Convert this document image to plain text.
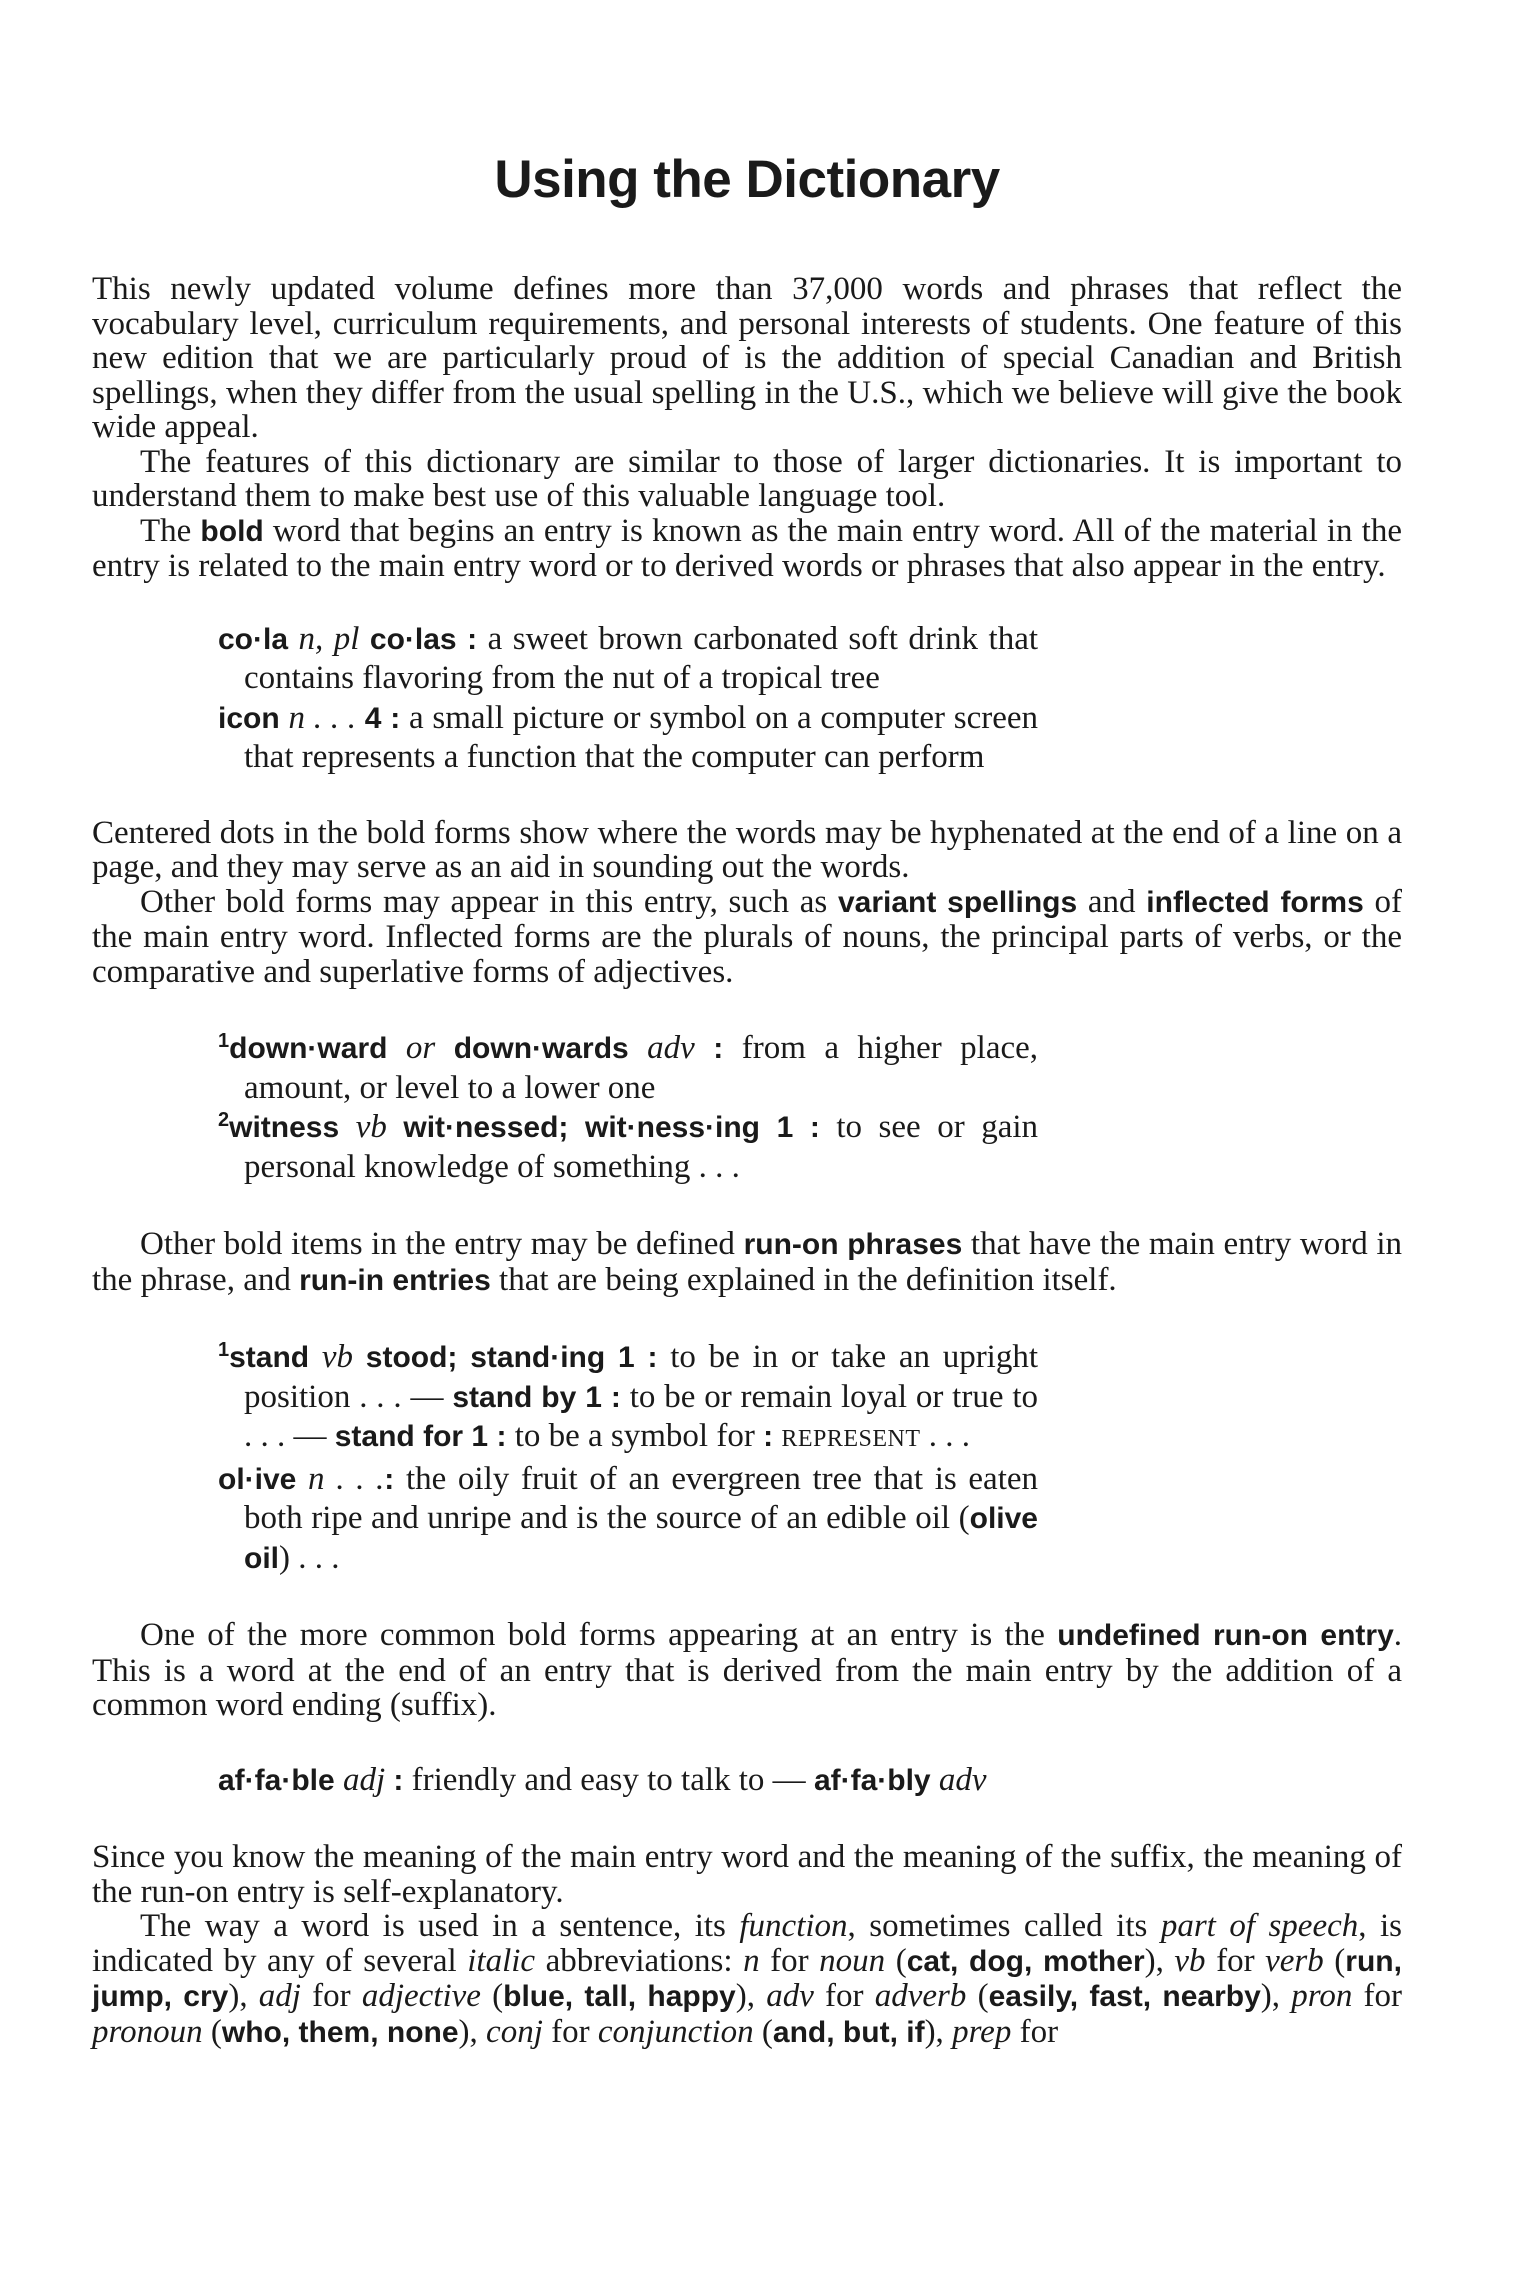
Using the Dictionary

This newly updated volume defines more than 37,000 words and phrases that reflect the vocabulary level, curriculum requirements, and personal interests of students. One feature of this new edition that we are particularly proud of is the addition of special Canadian and British spellings, when they differ from the usual spelling in the U.S., which we believe will give the book wide appeal.

The features of this dictionary are similar to those of larger dictionaries. It is important to understand them to make best use of this valuable language tool.

The bold word that begins an entry is known as the main entry word. All of the material in the entry is related to the main entry word or to derived words or phrases that also appear in the entry.

co·la n, pl co·las : a sweet brown carbonated soft drink that contains flavoring from the nut of a tropical tree
icon n . . . 4 : a small picture or symbol on a computer screen that represents a function that the computer can perform

Centered dots in the bold forms show where the words may be hyphenated at the end of a line on a page, and they may serve as an aid in sounding out the words.

Other bold forms may appear in this entry, such as variant spellings and inflected forms of the main entry word. Inflected forms are the plurals of nouns, the principal parts of verbs, or the comparative and superlative forms of adjectives.

$^1$down·ward or down·wards adv : from a higher place, amount, or level to a lower one
$^2$witness vb wit·nessed; wit·ness·ing 1 : to see or gain personal knowledge of something . . .

Other bold items in the entry may be defined run-on phrases that have the main entry word in the phrase, and run-in entries that are being explained in the definition itself.

$^1$stand vb stood; stand·ing 1 : to be in or take an upright position . . . — stand by 1 : to be or remain loyal or true to . . . — stand for 1 : to be a symbol for : REPRESENT . . .
ol·ive n . . .: the oily fruit of an evergreen tree that is eaten both ripe and unripe and is the source of an edible oil (olive oil) . . .

One of the more common bold forms appearing at an entry is the undefined run-on entry. This is a word at the end of an entry that is derived from the main entry by the addition of a common word ending (suffix).

af·fa·ble adj : friendly and easy to talk to — af·fa·bly adv

Since you know the meaning of the main entry word and the meaning of the suffix, the meaning of the run-on entry is self-explanatory.

The way a word is used in a sentence, its function, sometimes called its part of speech, is indicated by any of several italic abbreviations: n for noun (cat, dog, mother), vb for verb (run, jump, cry), adj for adjective (blue, tall, happy), adv for adverb (easily, fast, nearby), pron for pronoun (who, them, none), conj for conjunction (and, but, if), prep for
